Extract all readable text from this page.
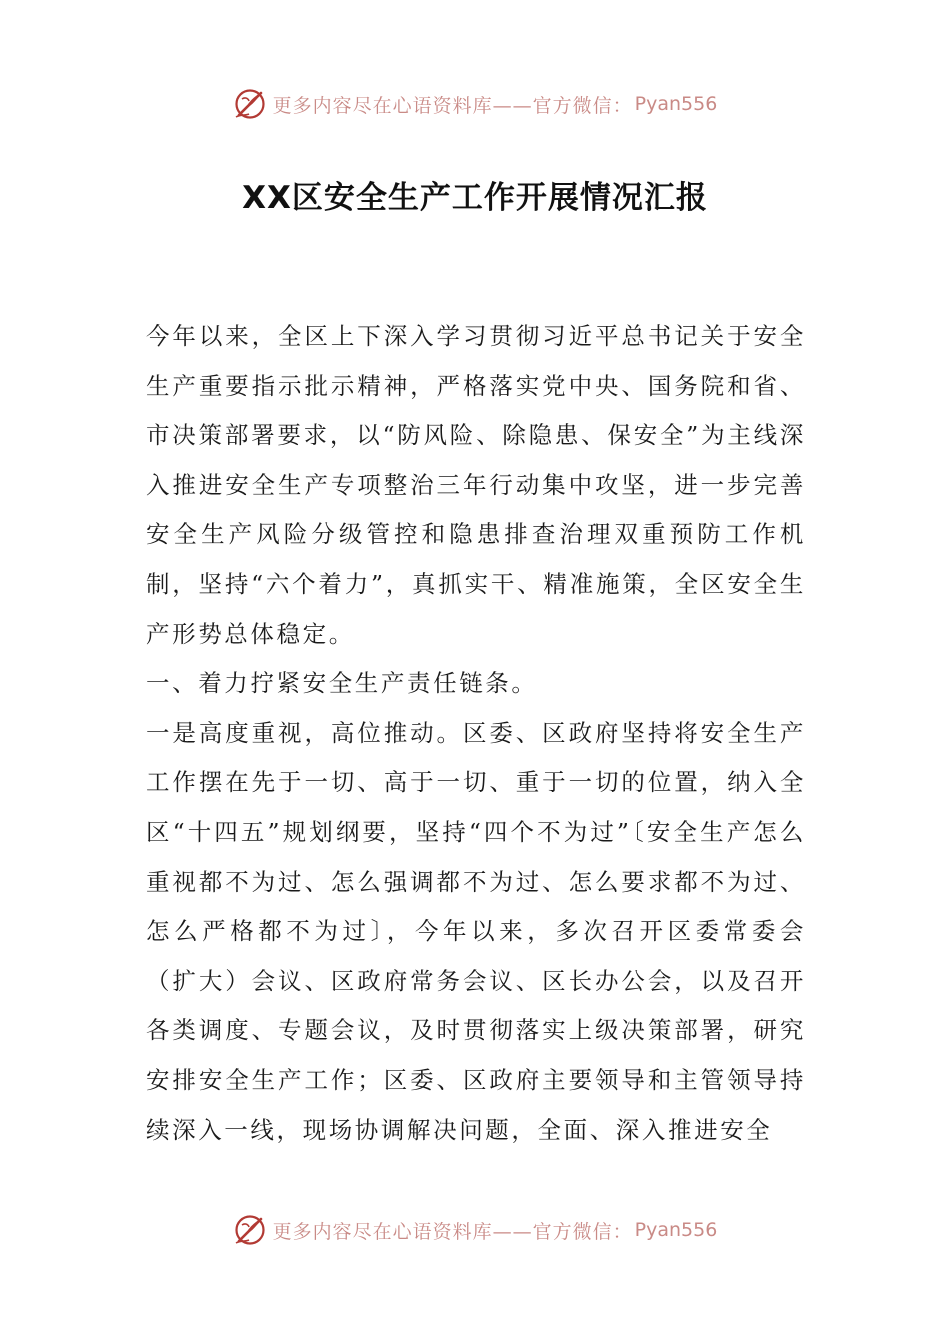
更多内容尽在心语资料库——官方微信： Pyan556
XX区安全生产工作开展情况汇报

今年以来，全区上下深入学习贯彻习近平总书记关于安全生产重要指示批示精神，严格落实党中央、国务院和省、市决策部署要求，以“防风险、除隐患、保安全”为主线深入推进安全生产专项整治三年行动集中攻坚，进一步完善安全生产风险分级管控和隐患排查治理双重预防工作机制，坚持“六个着力”，真抓实干、精准施策，全区安全生产形势总体稳定。

一、着力拧紧安全生产责任链条。

一是高度重视，高位推动。区委、区政府坚持将安全生产工作摆在先于一切、高于一切、重于一切的位置，纳入全区“十四五”规划纲要，坚持“四个不为过”〔安全生产怎么重视都不为过、怎么强调都不为过、怎么要求都不为过、怎么严格都不为过〕，今年以来，多次召开区委常委会（扩大）会议、区政府常务会议、区长办公会，以及召开各类调度、专题会议，及时贯彻落实上级决策部署，研究安排安全生产工作；区委、区政府主要领导和主管领导持续深入一线，现场协调解决问题，全面、深入推进安全

更多内容尽在心语资料库——官方微信： Pyan556
